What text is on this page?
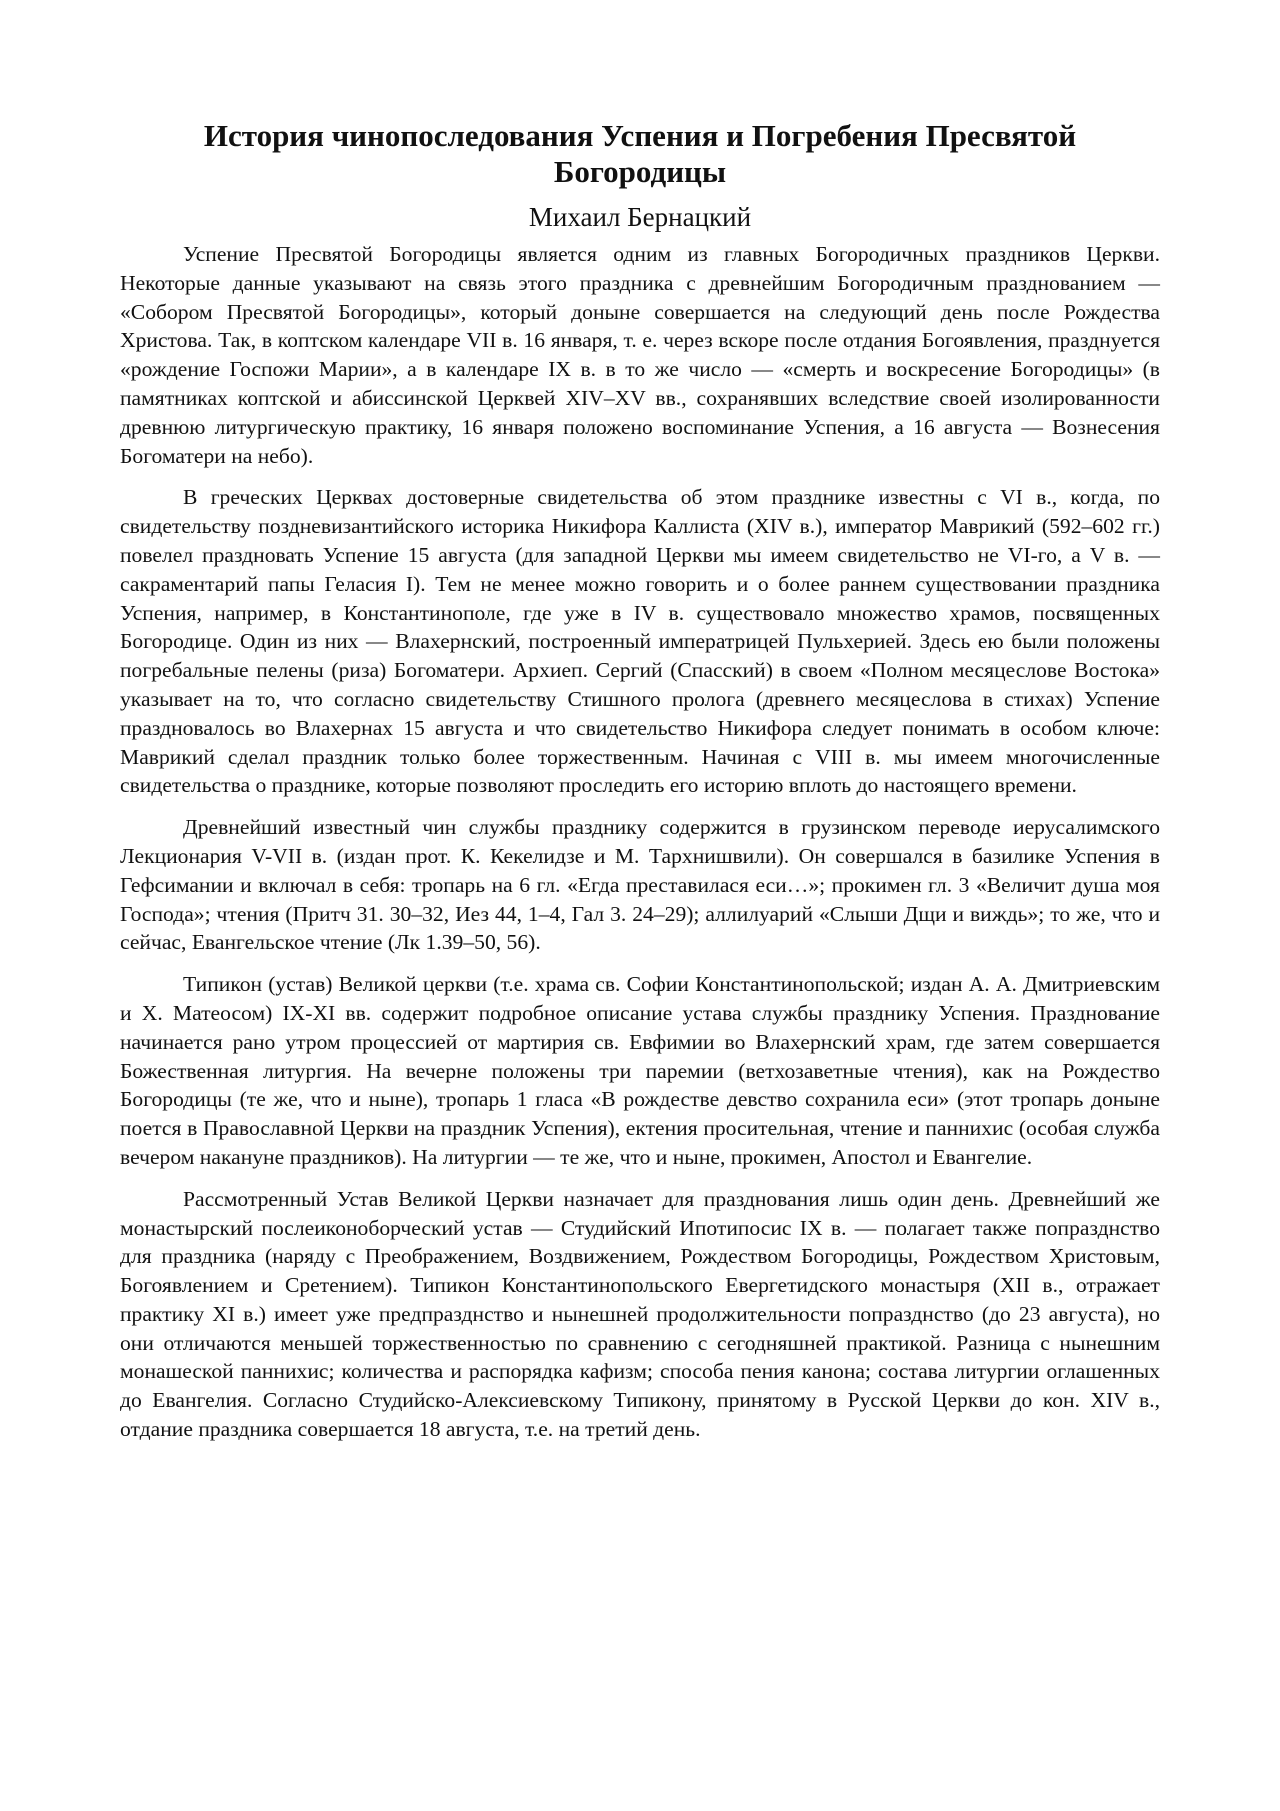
История чинопоследования Успения и Погребения Пресвятой Богородицы
Михаил Бернацкий

Успение Пресвятой Богородицы является одним из главных Богородичных праздников Церкви. Некоторые данные указывают на связь этого праздника с древнейшим Богородичным празднованием — «Собором Пресвятой Богородицы», который доныне совершается на следующий день после Рождества Христова. Так, в коптском календаре VII в. 16 января, т. е. через вскоре после отдания Богоявления, празднуется «рождение Госпожи Марии», а в календаре IX в. в то же число — «смерть и воскресение Богородицы» (в памятниках коптской и абиссинской Церквей XIV–XV вв., сохранявших вследствие своей изолированности древнюю литургическую практику, 16 января положено воспоминание Успения, а 16 августа — Вознесения Богоматери на небо).

В греческих Церквах достоверные свидетельства об этом празднике известны с VI в., когда, по свидетельству поздневизантийского историка Никифора Каллиста (XIV в.), император Маврикий (592–602 гг.) повелел праздновать Успение 15 августа (для западной Церкви мы имеем свидетельство не VI-го, а V в. — сакраментарий папы Геласия I). Тем не менее можно говорить и о более раннем существовании праздника Успения, например, в Константинополе, где уже в IV в. существовало множество храмов, посвященных Богородице. Один из них — Влахернский, построенный императрицей Пульхерией. Здесь ею были положены погребальные пелены (риза) Богоматери. Архиеп. Сергий (Спасский) в своем «Полном месяцеслове Востока» указывает на то, что согласно свидетельству Стишного пролога (древнего месяцеслова в стихах) Успение праздновалось во Влахернах 15 августа и что свидетельство Никифора следует понимать в особом ключе: Маврикий сделал праздник только более торжественным. Начиная с VIII в. мы имеем многочисленные свидетельства о празднике, которые позволяют проследить его историю вплоть до настоящего времени.

Древнейший известный чин службы празднику содержится в грузинском переводе иерусалимского Лекционария V-VII в. (издан прот. К. Кекелидзе и М. Тархнишвили). Он совершался в базилике Успения в Гефсимании и включал в себя: тропарь на 6 гл. «Егда преставилася еси…»; прокимен гл. 3 «Величит душа моя Господа»; чтения (Притч 31. 30–32, Иез 44, 1–4, Гал 3. 24–29); аллилуарий «Слыши Дщи и виждь»; то же, что и сейчас, Евангельское чтение (Лк 1.39–50, 56).

Типикон (устав) Великой церкви (т.е. храма св. Софии Константинопольской; издан А. А. Дмитриевским и Х. Матеосом) IX-XI вв. содержит подробное описание устава службы празднику Успения. Празднование начинается рано утром процессией от мартирия св. Евфимии во Влахернский храм, где затем совершается Божественная литургия. На вечерне положены три паремии (ветхозаветные чтения), как на Рождество Богородицы (те же, что и ныне), тропарь 1 гласа «В рождестве девство сохранила еси» (этот тропарь доныне поется в Православной Церкви на праздник Успения), ектения просительная, чтение и паннихис (особая служба вечером накануне праздников). На литургии — те же, что и ныне, прокимен, Апостол и Евангелие.

Рассмотренный Устав Великой Церкви назначает для празднования лишь один день. Древнейший же монастырский послеиконоборческий устав — Студийский Ипотипосис IX в. — полагает также попразднство для праздника (наряду с Преображением, Воздвижением, Рождеством Богородицы, Рождеством Христовым, Богоявлением и Сретением). Типикон Константинопольского Евергетидского монастыря (XII в., отражает практику XI в.) имеет уже предпразднство и нынешней продолжительности попразднство (до 23 августа), но они отличаются меньшей торжественностью по сравнению с сегодняшней практикой. Разница с нынешним монашеской паннихис; количества и распорядка кафизм; способа пения канона; состава литургии оглашенных до Евангелия. Согласно Студийско-Алексиевскому Типикону, принятому в Русской Церкви до кон. XIV в., отдание праздника совершается 18 августа, т.е. на третий день.
